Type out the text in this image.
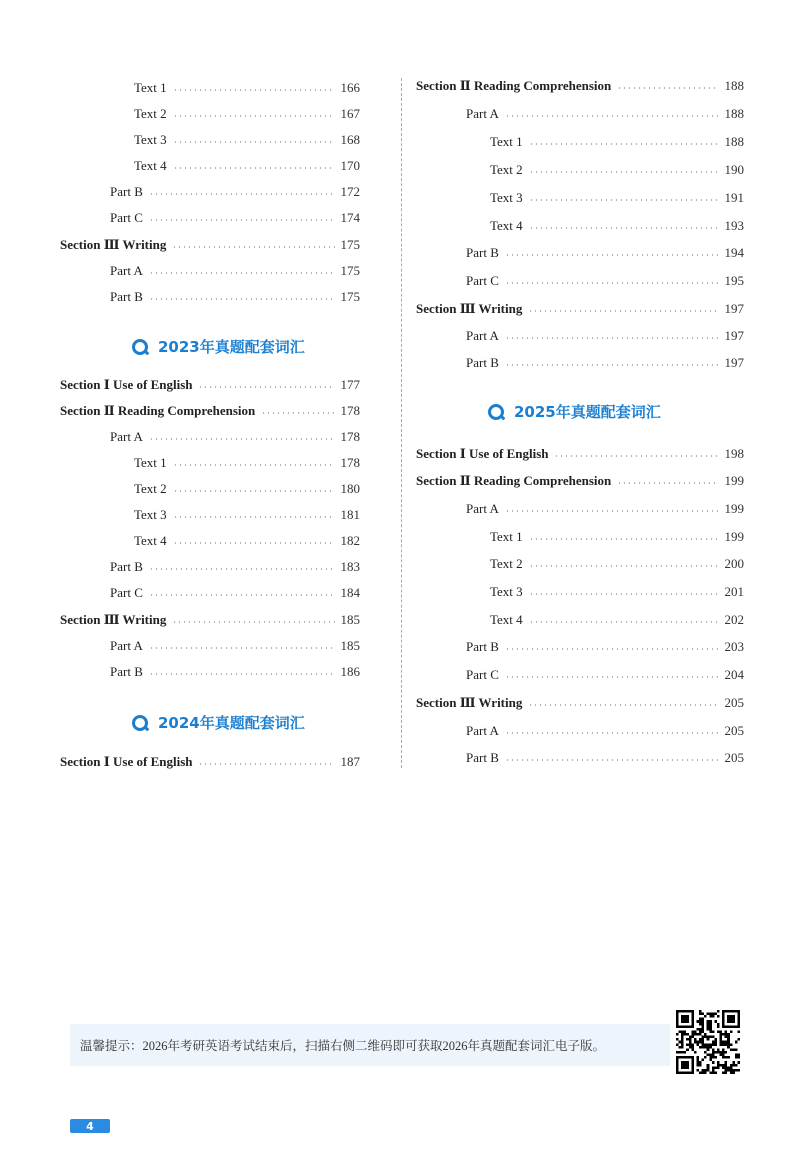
Text 1	166
Text 2	167
Text 3	168
Text 4	170
Part B	172
Part C	174
Section Ⅲ Writing	175
Part A	175
Part B	175
2023年真题配套词汇
Section Ⅰ Use of English	177
Section Ⅱ Reading Comprehension	178
Part A	178
Text 1	178
Text 2	180
Text 3	181
Text 4	182
Part B	183
Part C	184
Section Ⅲ Writing	185
Part A	185
Part B	186
2024年真题配套词汇
Section Ⅰ Use of English	187
Section Ⅱ Reading Comprehension	188
Part A	188
Text 1	188
Text 2	190
Text 3	191
Text 4	193
Part B	194
Part C	195
Section Ⅲ Writing	197
Part A	197
Part B	197
2025年真题配套词汇
Section Ⅰ Use of English	198
Section Ⅱ Reading Comprehension	199
Part A	199
Text 1	199
Text 2	200
Text 3	201
Text 4	202
Part B	203
Part C	204
Section Ⅲ Writing	205
Part A	205
Part B	205
温馨提示：2026年考研英语考试结束后，扫描右侧二维码即可获取2026年真题配套词汇电子版。
4
